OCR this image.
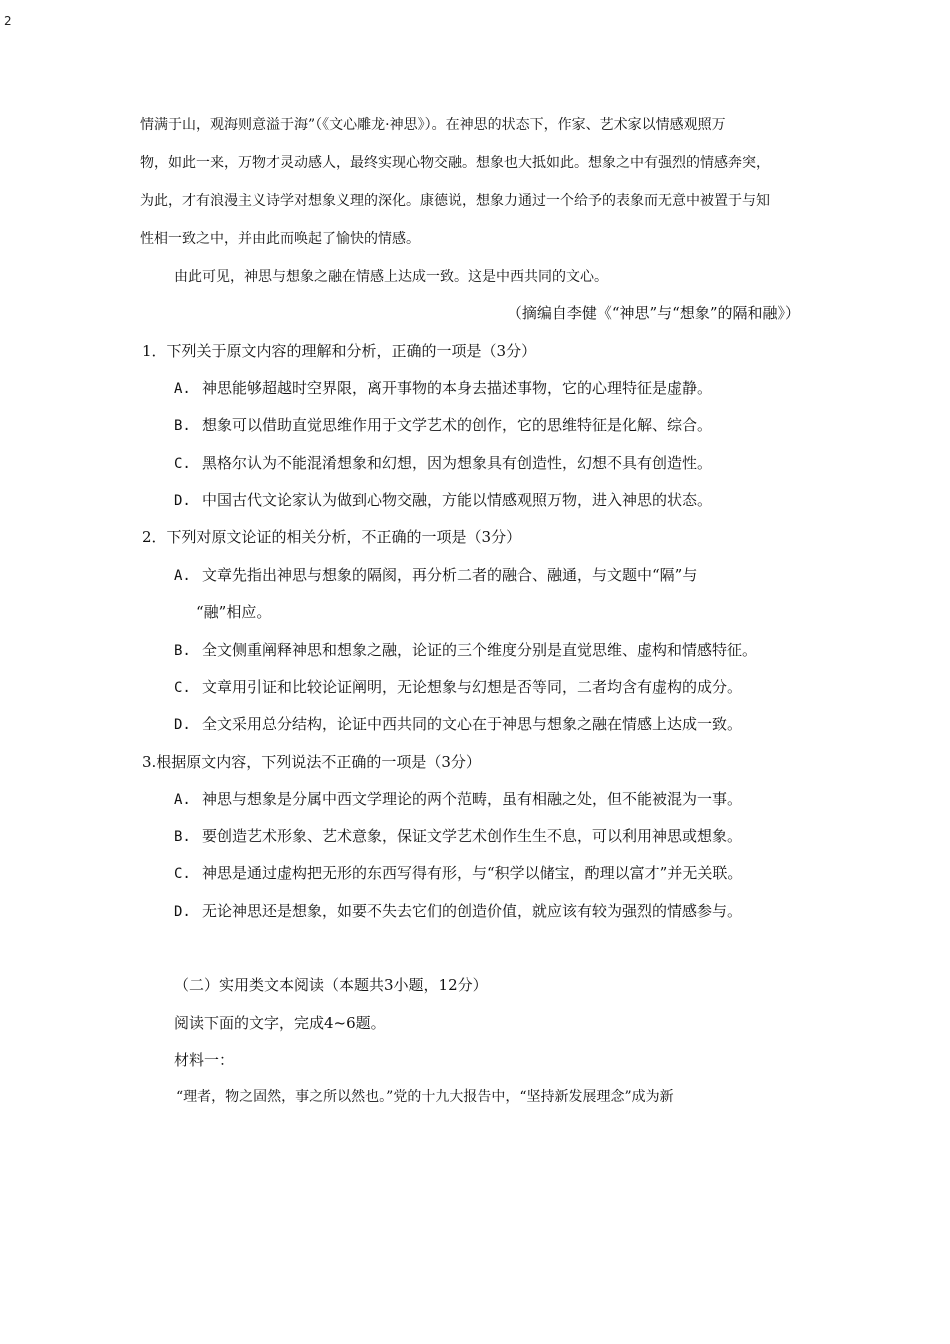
2
情满于山，观海则意溢于海”（《文心雕龙·神思》）。在神思的状态下，作家、艺术家以情感观照万
物，如此一来，万物才灵动感人，最终实现心物交融。想象也大抵如此。想象之中有强烈的情感奔突，
为此，才有浪漫主义诗学对想象义理的深化。康德说，想象力通过一个给予的表象而无意中被置于与知
性相一致之中，并由此而唤起了愉快的情感。
由此可见，神思与想象之融在情感上达成一致。这是中西共同的文心。
（摘编自李健《“神思”与“想象”的隔和融》）
1．下列关于原文内容的理解和分析，正确的一项是（3分）
A. 神思能够超越时空界限，离开事物的本身去描述事物，它的心理特征是虚静。
B. 想象可以借助直觉思维作用于文学艺术的创作，它的思维特征是化解、综合。
C. 黑格尔认为不能混淆想象和幻想，因为想象具有创造性，幻想不具有创造性。
D. 中国古代文论家认为做到心物交融，方能以情感观照万物，进入神思的状态。
2．下列对原文论证的相关分析，不正确的一项是（3分）
A. 文章先指出神思与想象的隔阂，再分析二者的融合、融通，与文题中“隔”与
“融”相应。
B. 全文侧重阐释神思和想象之融，论证的三个维度分别是直觉思维、虚构和情感特征。
C. 文章用引证和比较论证阐明，无论想象与幻想是否等同，二者均含有虚构的成分。
D. 全文采用总分结构，论证中西共同的文心在于神思与想象之融在情感上达成一致。
3.根据原文内容，下列说法不正确的一项是（3分）
A. 神思与想象是分属中西文学理论的两个范畴，虽有相融之处，但不能被混为一事。
B. 要创造艺术形象、艺术意象，保证文学艺术创作生生不息，可以利用神思或想象。
C. 神思是通过虚构把无形的东西写得有形，与“积学以储宝，酌理以富才”并无关联。
D. 无论神思还是想象，如要不失去它们的创造价值，就应该有较为强烈的情感参与。
（二）实用类文本阅读（本题共3小题，12分）
阅读下面的文字，完成4~6题。
材料一：
“理者，物之固然，事之所以然也。”党的十九大报告中，“坚持新发展理念”成为新
